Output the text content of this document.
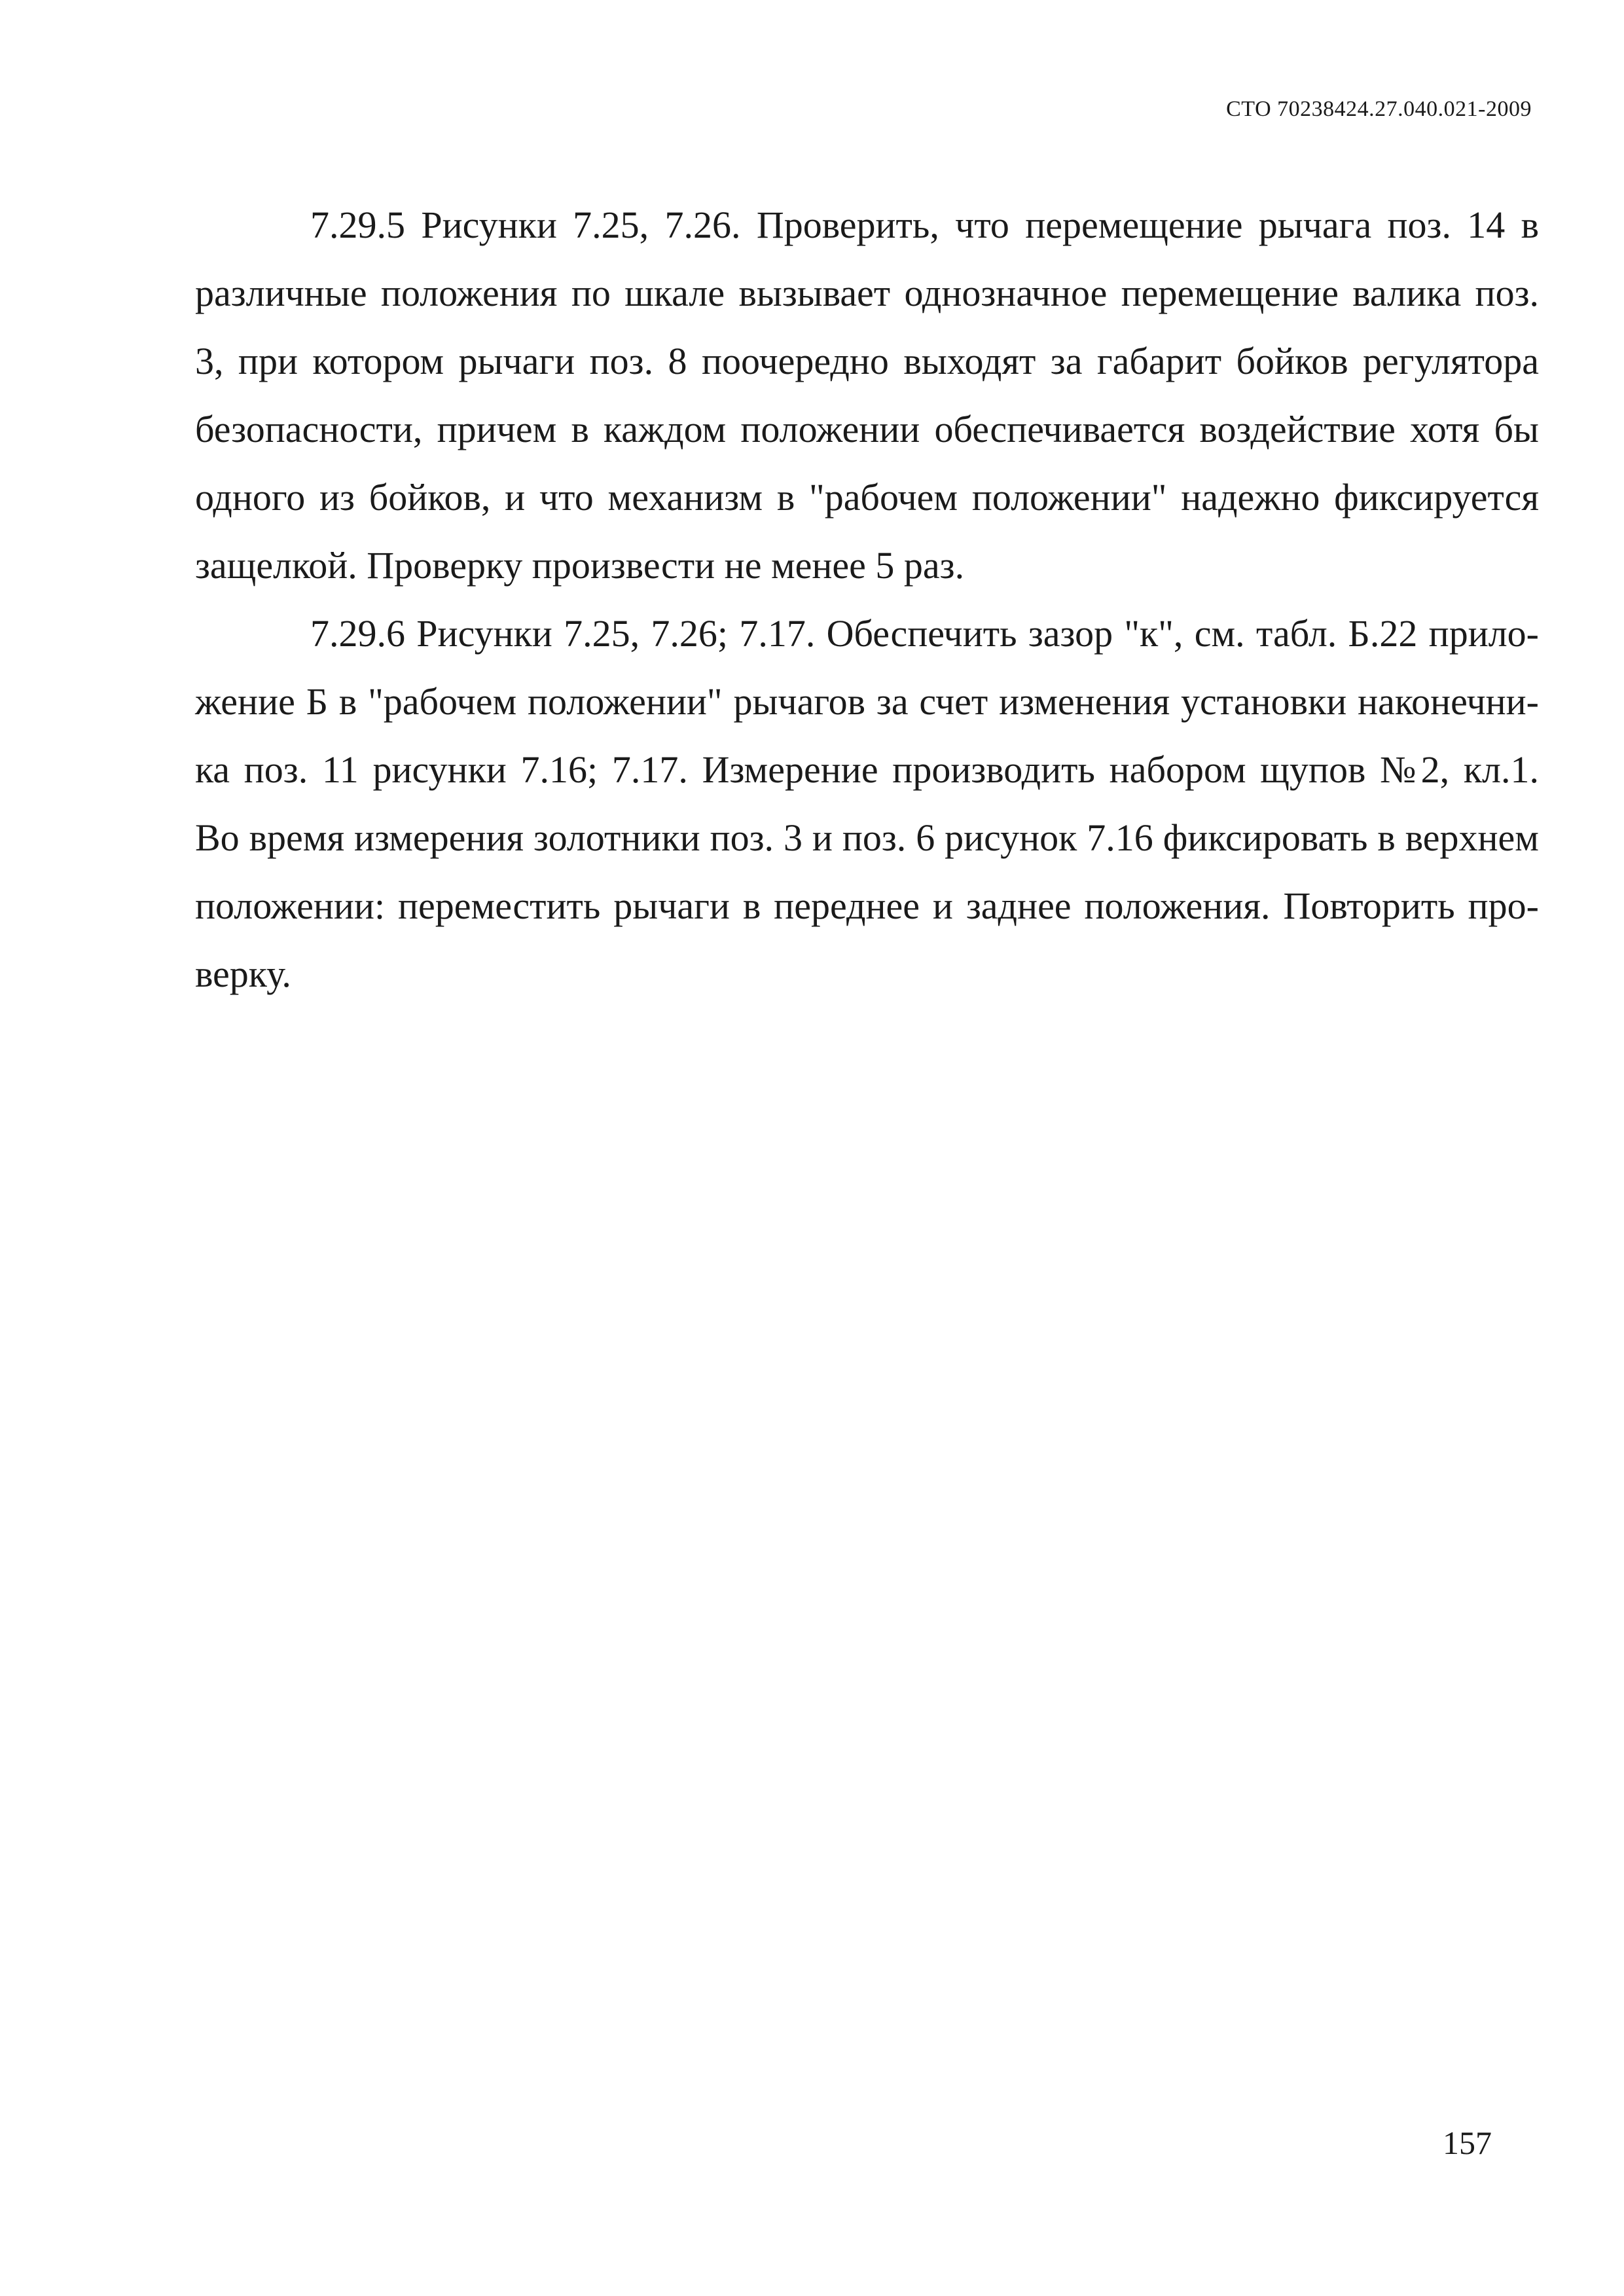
СТО 70238424.27.040.021-2009
7.29.5 Рисунки 7.25, 7.26. Проверить, что перемещение рычага поз. 14 в
различные положения по шкале вызывает однозначное перемещение валика поз.
3, при котором рычаги поз. 8 поочередно выходят за габарит бойков регулятора
безопасности, причем в каждом положении обеспечивается воздействие хотя бы
одного из бойков, и что механизм в "рабочем положении" надежно фиксируется
защелкой. Проверку произвести не менее 5 раз.
7.29.6 Рисунки 7.25, 7.26; 7.17. Обеспечить зазор "к", см. табл. Б.22 прило-
жение Б в "рабочем положении" рычагов за счет изменения установки наконечни-
ка поз. 11 рисунки 7.16; 7.17. Измерение производить набором щупов №2, кл.1.
Во время измерения золотники поз. 3 и поз. 6 рисунок 7.16 фиксировать в верхнем
положении: переместить рычаги в переднее и заднее положения. Повторить про-
верку.
157
